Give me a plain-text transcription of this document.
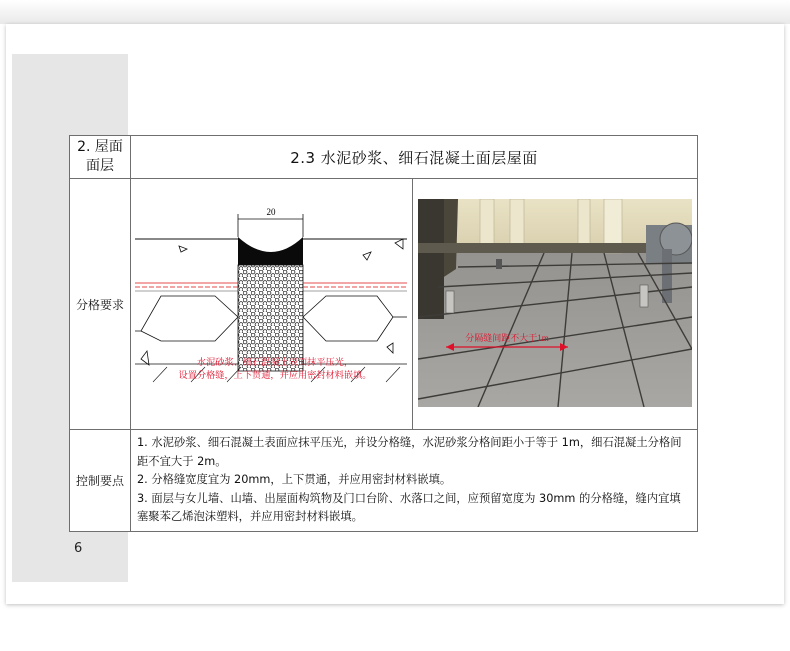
2. 屋面
面层	2.3 水泥砂浆、细石混凝土面层屋面	
分格要求	20
水泥砂浆、细石混凝土表面抹平压光，
设置分格缝，上下贯通，并应用密封材料嵌填。	分隔缝间距不大于1m

控制要点	1. 水泥砂浆、细石混凝土表面应抹平压光，并设分格缝，水泥砂浆分格间距小于等于 1m，细石混凝土分格间距不宜大于 2m。

2. 分格缝宽度宜为 20mm，上下贯通，并应用密封材料嵌填。

3. 面层与女儿墙、山墙、出屋面构筑物及门口台阶、水落口之间，应预留宽度为 30mm 的分格缝，缝内宜填塞聚苯乙烯泡沫塑料，并应用密封材料嵌填。	

6
